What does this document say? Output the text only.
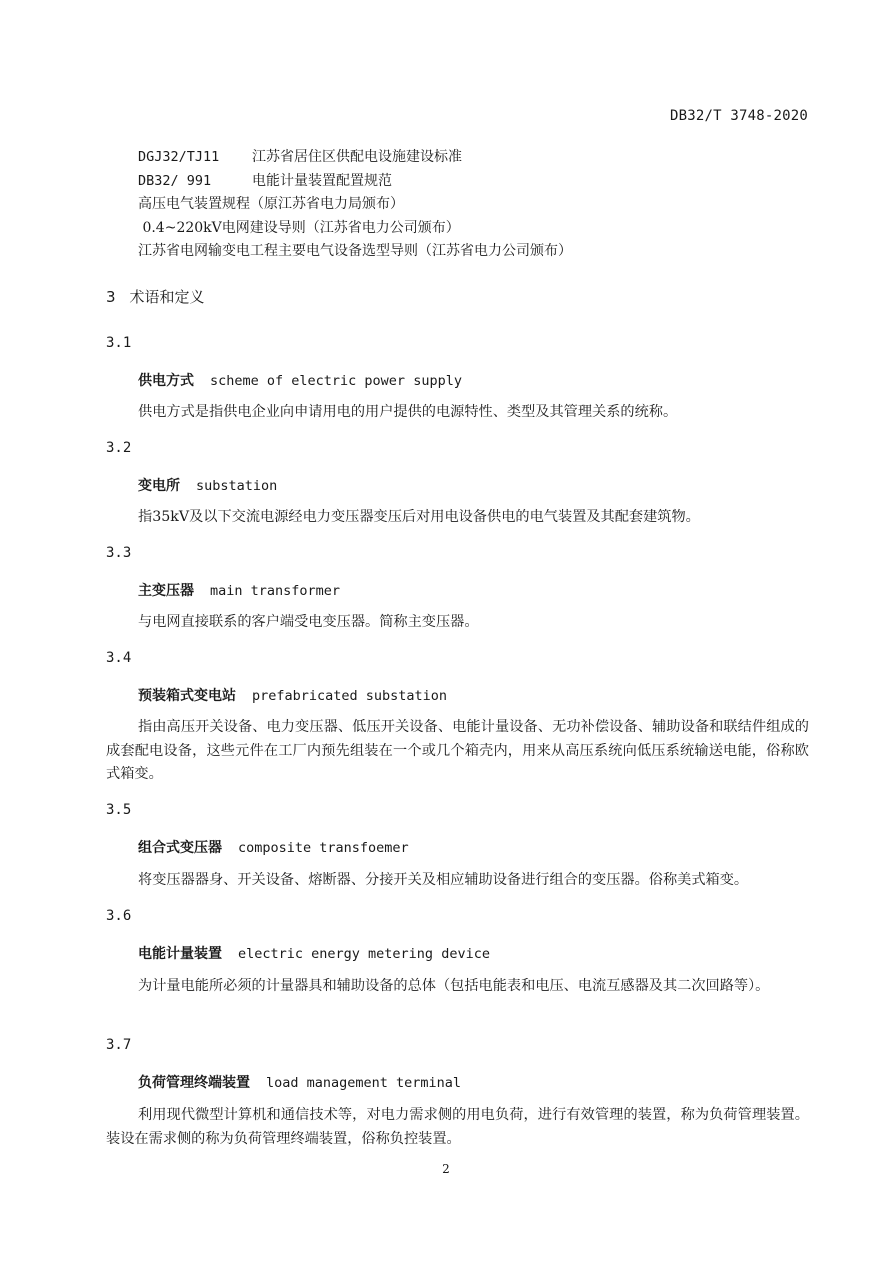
DB32/T 3748-2020
DGJ32/TJ11 江苏省居住区供配电设施建设标准
DB32/ 991	电能计量装置配置规范
高压电气装置规程（原江苏省电力局颁布）
0.4~220kV电网建设导则（江苏省电力公司颁布）
江苏省电网输变电工程主要电气设备选型导则（江苏省电力公司颁布）
3 术语和定义
3.1
供电方式 scheme of electric power supply
供电方式是指供电企业向申请用电的用户提供的电源特性、类型及其管理关系的统称。
3.2
变电所 substation
指35kV及以下交流电源经电力变压器变压后对用电设备供电的电气装置及其配套建筑物。
3.3
主变压器 main transformer
与电网直接联系的客户端受电变压器。简称主变压器。
3.4
预装箱式变电站 prefabricated substation
指由高压开关设备、电力变压器、低压开关设备、电能计量设备、无功补偿设备、辅助设备和联结件组成的成套配电设备，这些元件在工厂内预先组装在一个或几个箱壳内，用来从高压系统向低压系统输送电能，俗称欧式箱变。
3.5
组合式变压器 composite transfoemer
将变压器器身、开关设备、熔断器、分接开关及相应辅助设备进行组合的变压器。俗称美式箱变。
3.6
电能计量装置 electric energy metering device
为计量电能所必须的计量器具和辅助设备的总体（包括电能表和电压、电流互感器及其二次回路等）。
3.7
负荷管理终端装置 load management terminal
利用现代微型计算机和通信技术等，对电力需求侧的用电负荷，进行有效管理的装置，称为负荷管理装置。装设在需求侧的称为负荷管理终端装置，俗称负控装置。
2
